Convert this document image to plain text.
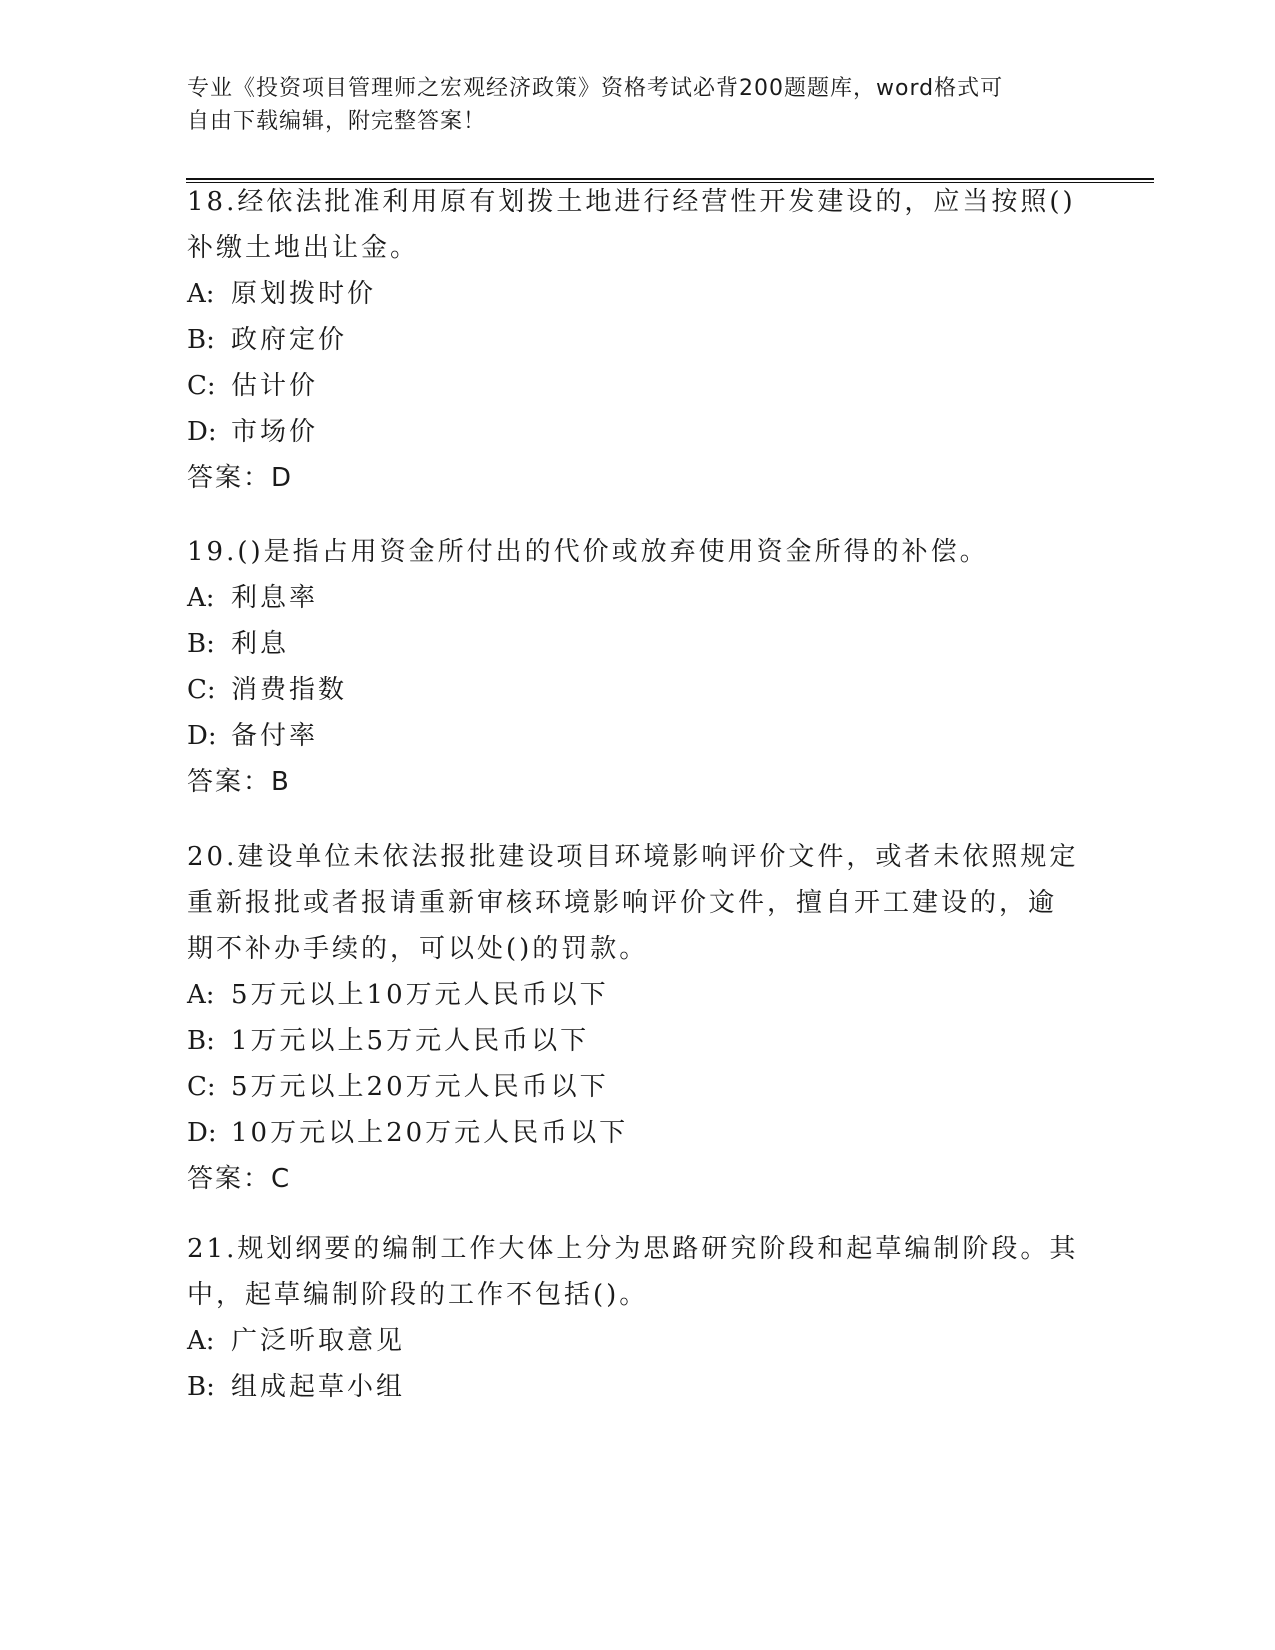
专业《投资项目管理师之宏观经济政策》资格考试必背200题题库，word格式可
自由下载编辑，附完整答案！
18.经依法批准利用原有划拨土地进行经营性开发建设的，应当按照()
补缴土地出让金。
A: 原划拨时价
B: 政府定价
C: 估计价
D: 市场价
答案：D
19.()是指占用资金所付出的代价或放弃使用资金所得的补偿。
A: 利息率
B: 利息
C: 消费指数
D: 备付率
答案：B
20.建设单位未依法报批建设项目环境影响评价文件，或者未依照规定
重新报批或者报请重新审核环境影响评价文件，擅自开工建设的，逾
期不补办手续的，可以处()的罚款。
A: 5万元以上10万元人民币以下
B: 1万元以上5万元人民币以下
C: 5万元以上20万元人民币以下
D: 10万元以上20万元人民币以下
答案：C
21.规划纲要的编制工作大体上分为思路研究阶段和起草编制阶段。其
中，起草编制阶段的工作不包括()。
A: 广泛听取意见
B: 组成起草小组
